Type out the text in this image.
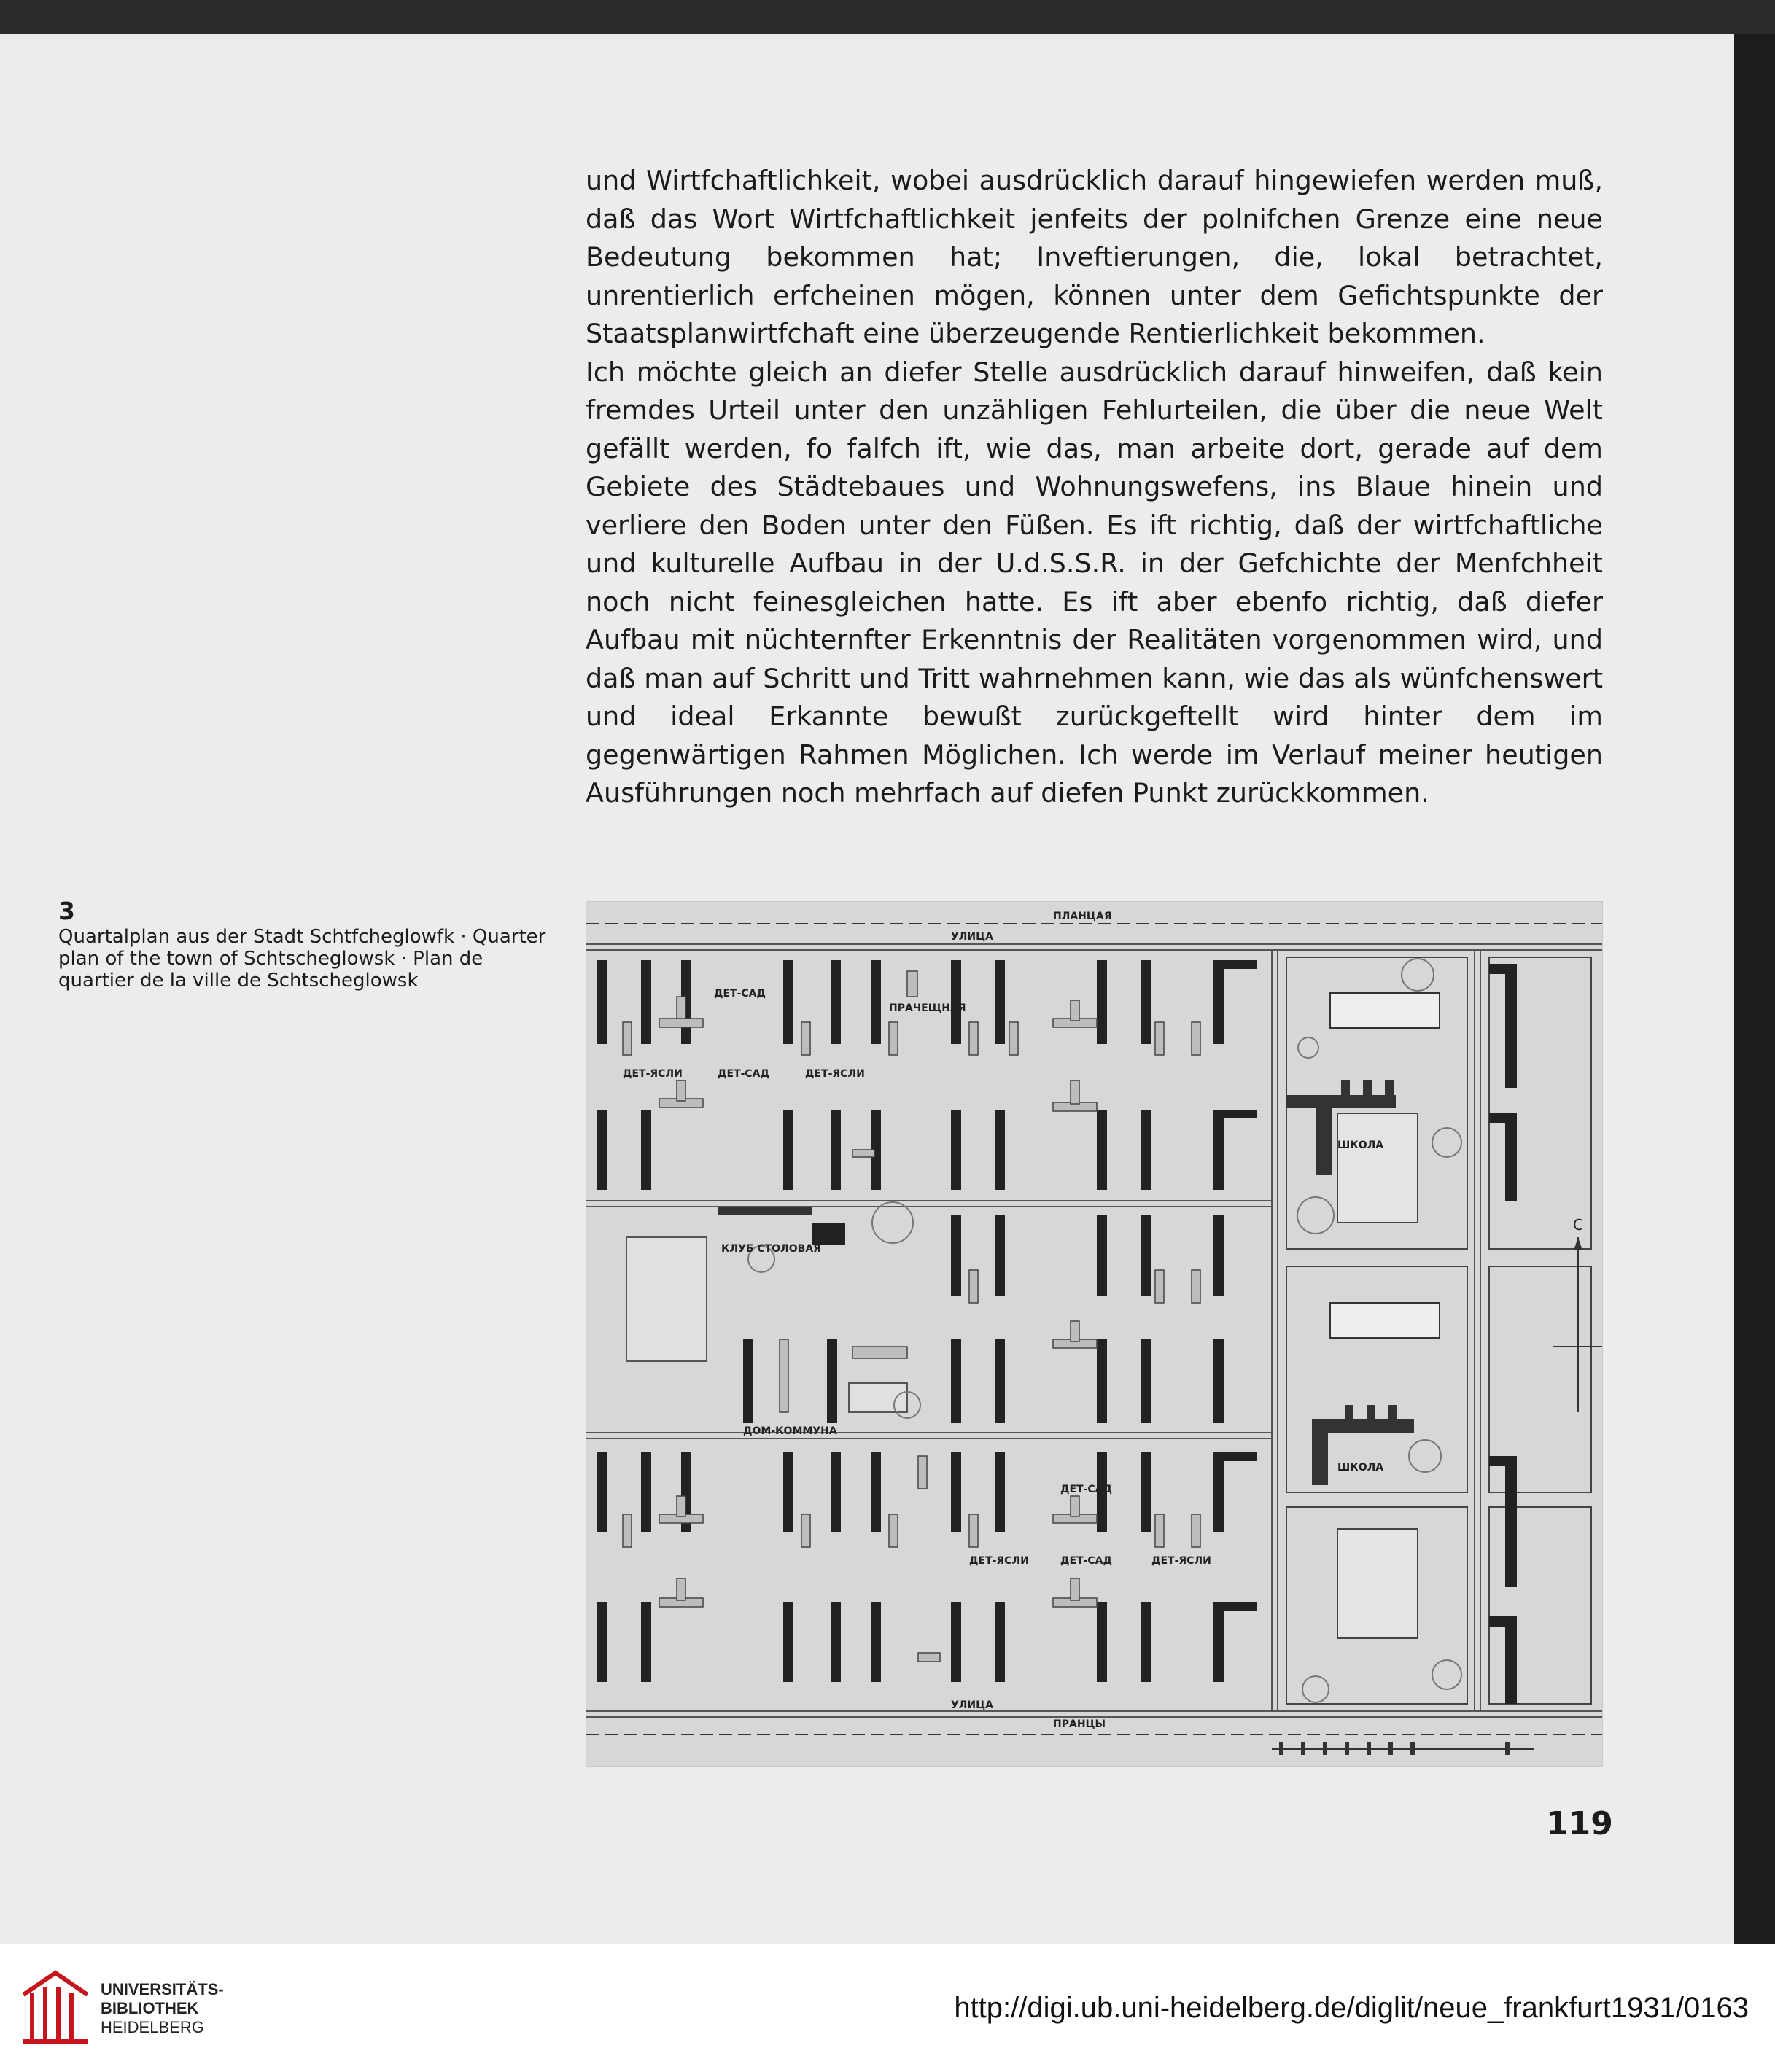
und Wirtfchaftlichkeit, wobei ausdrücklich darauf hingewiefen werden muß, daß das Wort Wirtfchaftlichkeit jenfeits der polnifchen Grenze eine neue Bedeutung bekommen hat; Inveftierungen, die, lokal betrachtet, unrentierlich erfcheinen mögen, können unter dem Gefichtspunkte der Staatsplanwirtfchaft eine überzeugende Rentierlichkeit bekommen.

Ich möchte gleich an diefer Stelle ausdrücklich darauf hinweifen, daß kein fremdes Urteil unter den unzähligen Fehlurteilen, die über die neue Welt gefällt werden, fo falfch ift, wie das, man arbeite dort, gerade auf dem Gebiete des Städtebaues und Wohnungswefens, ins Blaue hinein und verliere den Boden unter den Füßen. Es ift richtig, daß der wirtfchaftliche und kulturelle Aufbau in der U.d.S.S.R. in der Gefchichte der Menfchheit noch nicht feinesgleichen hatte. Es ift aber ebenfo richtig, daß diefer Aufbau mit nüchternfter Erkenntnis der Realitäten vorgenommen wird, und daß man auf Schritt und Tritt wahrnehmen kann, wie das als wünfchenswert und ideal Erkannte bewußt zurückgeftellt wird hinter dem im gegenwärtigen Rahmen Möglichen. Ich werde im Verlauf meiner heutigen Ausführungen noch mehrfach auf diefen Punkt zurückkommen.

3
Quartalplan aus der Stadt Schtfcheglowfk · Quarter plan of the town of Schtscheglowsk · Plan de quartier de la ville de Schtscheglowsk
ПЛАНЦАЯ
УЛИЦА
УЛИЦА
ПРАНЦЫ
ДЕТ-САД
ПРАЧЕЩНАЯ
ДЕТ-ЯСЛИ	ДЕТ-САД	ДЕТ-ЯСЛИ
КЛУБ СТОЛОВАЯ
ДОМ-КОММУНА
ДЕТ-САД
ДЕТ-ЯСЛИ	ДЕТ-САД	ДЕТ-ЯСЛИ
ШКОЛА
ШКОЛА
C
119
UNIVERSITÄTS-
BIBLIOTHEK
HEIDELBERG
http://digi.ub.uni-heidelberg.de/diglit/neue_frankfurt1931/0163
